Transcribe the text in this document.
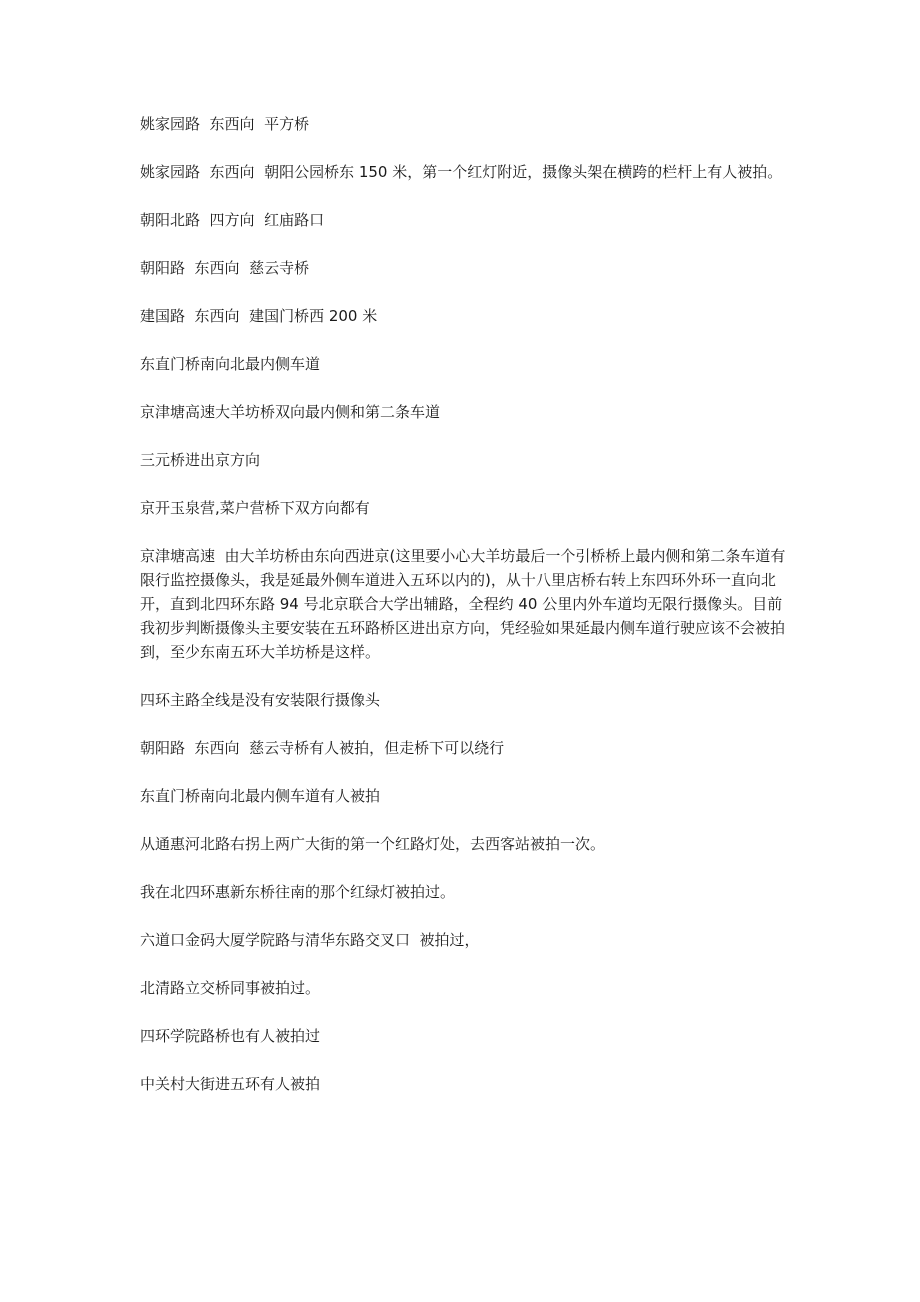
姚家园路  东西向  平方桥

姚家园路  东西向  朝阳公园桥东 150 米，第一个红灯附近，摄像头架在横跨的栏杆上有人被拍。

朝阳北路  四方向  红庙路口

朝阳路  东西向  慈云寺桥

建国路  东西向  建国门桥西 200 米

东直门桥南向北最内侧车道

京津塘高速大羊坊桥双向最内侧和第二条车道

三元桥进出京方向

京开玉泉营,菜户营桥下双方向都有

京津塘高速  由大羊坊桥由东向西进京(这里要小心大羊坊最后一个引桥桥上最内侧和第二条车道有限行监控摄像头，我是延最外侧车道进入五环以内的)，从十八里店桥右转上东四环外环一直向北开，直到北四环东路 94 号北京联合大学出辅路，全程约 40 公里内外车道均无限行摄像头。目前我初步判断摄像头主要安装在五环路桥区进出京方向，凭经验如果延最内侧车道行驶应该不会被拍到，至少东南五环大羊坊桥是这样。

四环主路全线是没有安装限行摄像头

朝阳路  东西向  慈云寺桥有人被拍，但走桥下可以绕行

东直门桥南向北最内侧车道有人被拍

从通惠河北路右拐上两广大街的第一个红路灯处，去西客站被拍一次。

我在北四环惠新东桥往南的那个红绿灯被拍过。

六道口金码大厦学院路与清华东路交叉口  被拍过，

北清路立交桥同事被拍过。

四环学院路桥也有人被拍过

中关村大街进五环有人被拍
